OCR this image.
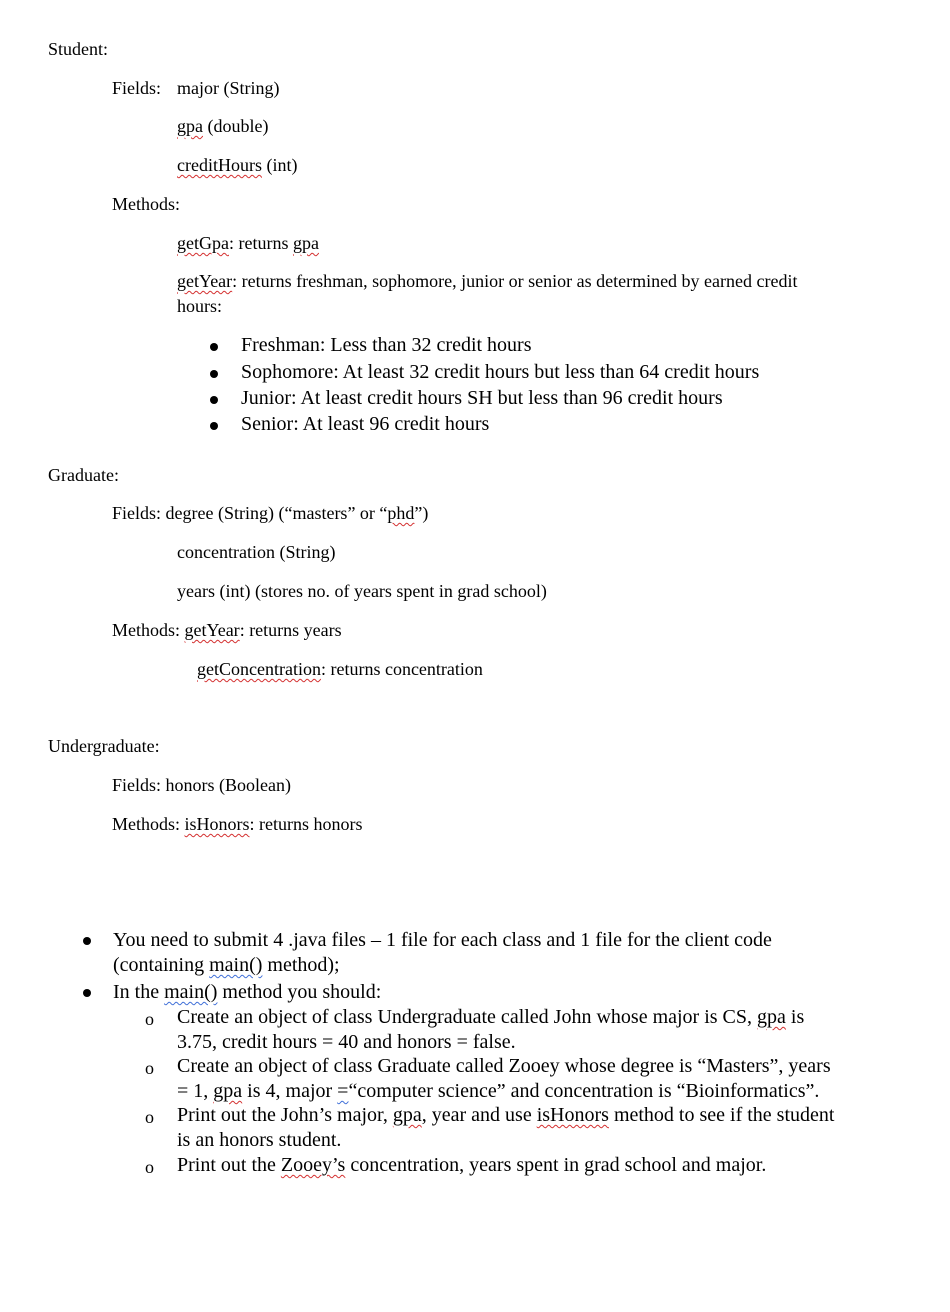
Student:
Fields: major (String)
gpa (double)
creditHours (int)
Methods:
getGpa: returns gpa
getYear: returns freshman, sophomore, junior or senior as determined by earned credit
hours:
Freshman: Less than 32 credit hours
Sophomore: At least 32 credit hours but less than 64 credit hours
Junior: At least credit hours SH but less than 96 credit hours
Senior: At least 96 credit hours
Graduate:
Fields: degree (String) (“masters” or “phd”)
concentration (String)
years (int) (stores no. of years spent in grad school)
Methods: getYear: returns years
getConcentration: returns concentration
Undergraduate:
Fields: honors (Boolean)
Methods: isHonors: returns honors
You need to submit 4 .java files – 1 file for each class and 1 file for the client code
(containing main() method);
In the main() method you should:
o Create an object of class Undergraduate called John whose major is CS, gpa is
3.75, credit hours = 40 and honors = false.
o Create an object of class Graduate called Zooey whose degree is “Masters”, years
= 1, gpa is 4, major =“computer science” and concentration is “Bioinformatics”.
o Print out the John’s major, gpa, year and use isHonors method to see if the student
is an honors student.
o Print out the Zooey’s concentration, years spent in grad school and major.
